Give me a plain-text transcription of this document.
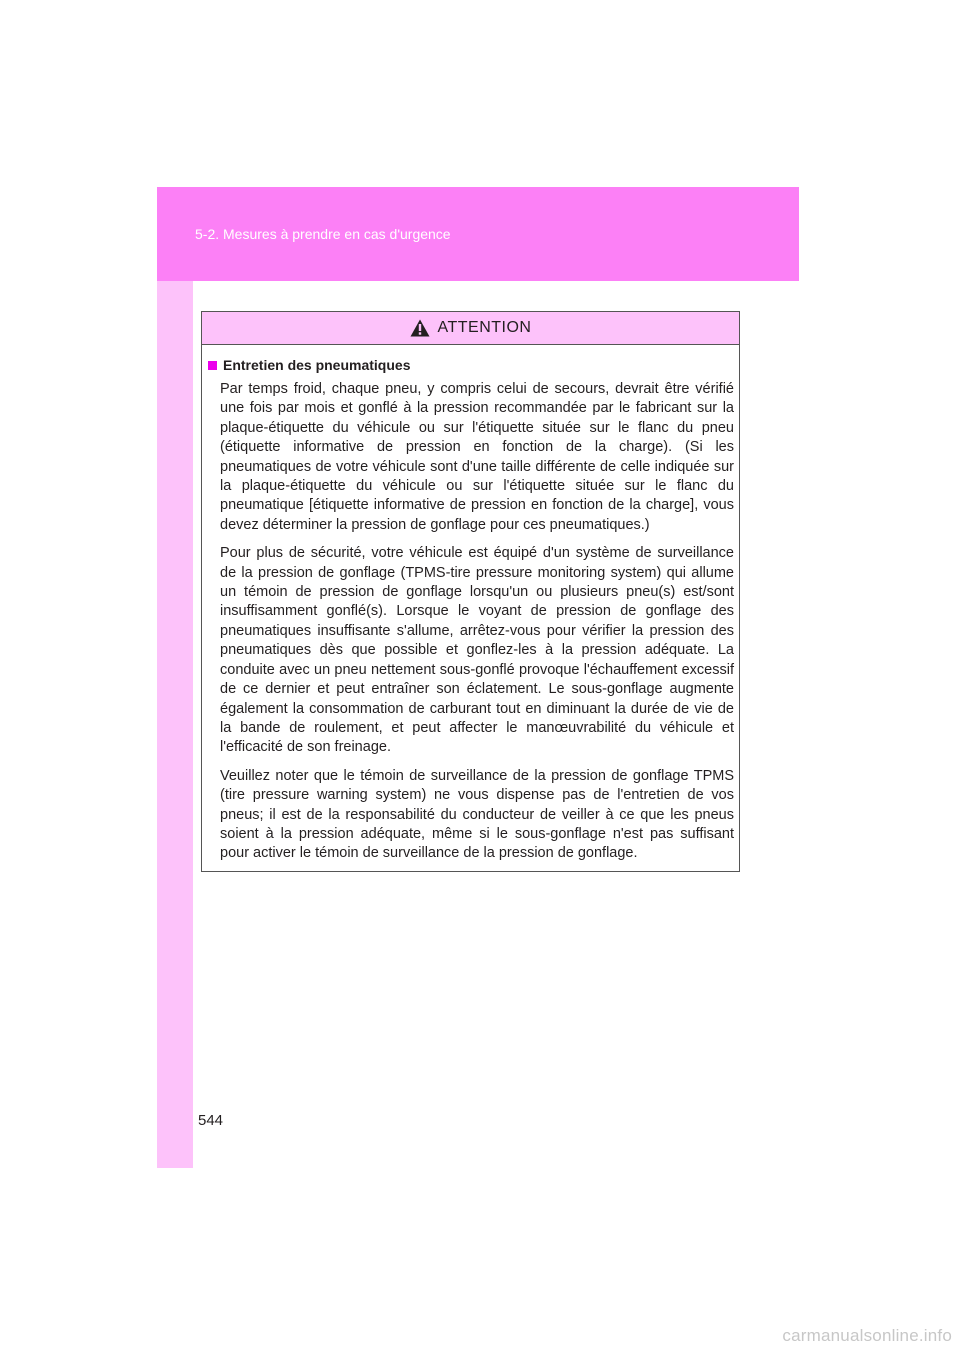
5-2. Mesures à prendre en cas d'urgence
ATTENTION
Entretien des pneumatiques

Par temps froid, chaque pneu, y compris celui de secours, devrait être vérifié une fois par mois et gonflé à la pression recommandée par le fabricant sur la plaque-étiquette du véhicule ou sur l'étiquette située sur le flanc du pneu (étiquette informative de pression en fonction de la charge). (Si les pneumatiques de votre véhicule sont d'une taille différente de celle indiquée sur la plaque-étiquette du véhicule ou sur l'étiquette située sur le flanc du pneumatique [étiquette informative de pression en fonction de la charge], vous devez déterminer la pression de gonflage pour ces pneumatiques.)

Pour plus de sécurité, votre véhicule est équipé d'un système de surveillance de la pression de gonflage (TPMS-tire pressure monitoring system) qui allume un témoin de pression de gonflage lorsqu'un ou plusieurs pneu(s) est/sont insuffisamment gonflé(s). Lorsque le voyant de pression de gonflage des pneumatiques insuffisante s'allume, arrêtez-vous pour vérifier la pression des pneumatiques dès que possible et gonflez-les à la pression adéquate. La conduite avec un pneu nettement sous-gonflé provoque l'échauffement excessif de ce dernier et peut entraîner son éclatement. Le sous-gonflage augmente également la consommation de carburant tout en diminuant la durée de vie de la bande de roulement, et peut affecter le manœuvrabilité du véhicule et l'efficacité de son freinage.

Veuillez noter que le témoin de surveillance de la pression de gonflage TPMS (tire pressure warning system) ne vous dispense pas de l'entretien de vos pneus; il est de la responsabilité du conducteur de veiller à ce que les pneus soient à la pression adéquate, même si le sous-gonflage n'est pas suffisant pour activer le témoin de surveillance de la pression de gonflage.

544
carmanualsonline.info
